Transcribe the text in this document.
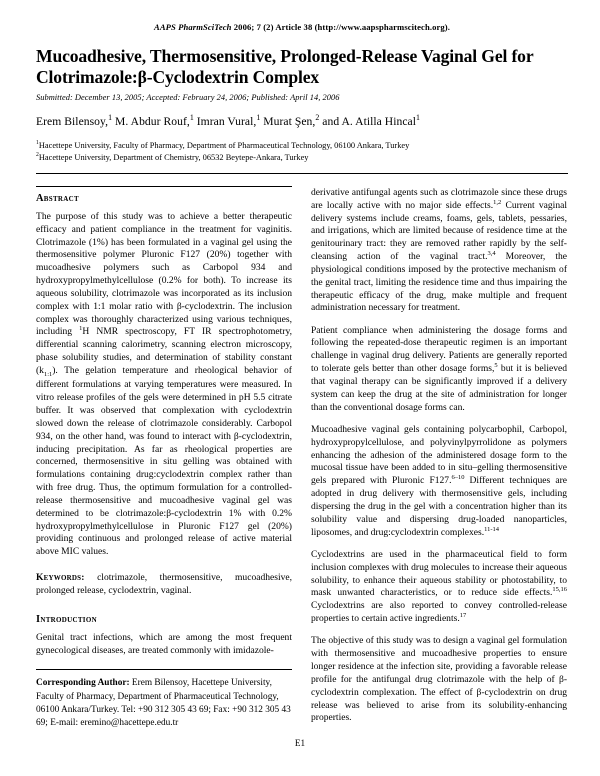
AAPS PharmSciTech 2006; 7 (2) Article 38 (http://www.aapspharmscitech.org).
Mucoadhesive, Thermosensitive, Prolonged-Release Vaginal Gel for Clotrimazole:β-Cyclodextrin Complex
Submitted: December 13, 2005; Accepted: February 24, 2006; Published: April 14, 2006
Erem Bilensoy,$^1$ M. Abdur Rouf,$^1$ Imran Vural,$^1$ Murat Şen,$^2$ and A. Atilla Hincal$^1$
$^1$Hacettepe University, Faculty of Pharmacy, Department of Pharmaceutical Technology, 06100 Ankara, Turkey
$^2$Hacettepe University, Department of Chemistry, 06532 Beytepe-Ankara, Turkey
Abstract

The purpose of this study was to achieve a better therapeutic efficacy and patient compliance in the treatment for vaginitis. Clotrimazole (1%) has been formulated in a vaginal gel using the thermosensitive polymer Pluronic F127 (20%) together with mucoadhesive polymers such as Carbopol 934 and hydroxypropylmethylcellulose (0.2% for both). To increase its aqueous solubility, clotrimazole was incorporated as its inclusion complex with 1:1 molar ratio with β-cyclodextrin. The inclusion complex was thoroughly characterized using various techniques, including $^1$H NMR spectroscopy, FT IR spectrophotometry, differential scanning calorimetry, scanning electron microscopy, phase solubility studies, and determination of stability constant $(k_{1:1})$. The gelation temperature and rheological behavior of different formulations at varying temperatures were measured. In vitro release profiles of the gels were determined in pH 5.5 citrate buffer. It was observed that complexation with cyclodextrin slowed down the release of clotrimazole considerably. Carbopol 934, on the other hand, was found to interact with β-cyclodextrin, inducing precipitation. As far as rheological properties are concerned, thermosensitive in situ gelling was obtained with formulations containing drug:cyclodextrin complex rather than with free drug. Thus, the optimum formulation for a controlled-release thermosensitive and mucoadhesive vaginal gel was determined to be clotrimazole:β-cyclodextrin 1% with 0.2% hydroxypropylmethylcellulose in Pluronic F127 gel (20%) providing continuous and prolonged release of active material above MIC values.

Keywords: clotrimazole, thermosensitive, mucoadhesive, prolonged release, cyclodextrin, vaginal.

Introduction

Genital tract infections, which are among the most frequent gynecological diseases, are treated commonly with imidazole-

Corresponding Author: Erem Bilensoy, Hacettepe University, Faculty of Pharmacy, Department of Pharmaceutical Technology, 06100 Ankara/Turkey. Tel: +90 312 305 43 69; Fax: +90 312 305 43 69; E-mail: eremino@hacettepe.edu.tr

derivative antifungal agents such as clotrimazole since these drugs are locally active with no major side effects.$^{1,2}$ Current vaginal delivery systems include creams, foams, gels, tablets, pessaries, and irrigations, which are limited because of residence time at the genitourinary tract: they are removed rather rapidly by the self-cleansing action of the vaginal tract.$^{3,4}$ Moreover, the physiological conditions imposed by the protective mechanism of the genital tract, limiting the residence time and thus impairing the therapeutic efficacy of the drug, make multiple and frequent administration necessary for treatment.

Patient compliance when administering the dosage forms and following the repeated-dose therapeutic regimen is an important challenge in vaginal drug delivery. Patients are generally reported to tolerate gels better than other dosage forms,$^5$ but it is believed that vaginal therapy can be significantly improved if a delivery system can keep the drug at the site of administration for longer than the conventional dosage forms can.

Mucoadhesive vaginal gels containing polycarbophil, Carbopol, hydroxypropylcellulose, and polyvinylpyrrolidone as polymers enhancing the adhesion of the administered dosage form to the mucosal tissue have been added to in situ–gelling thermosensitive gels prepared with Pluronic F127.$^{6-10}$ Different techniques are adopted in drug delivery with thermosensitive gels, including dispersing the drug in the gel with a concentration higher than its solubility value and dispersing drug-loaded nanoparticles, liposomes, and drug:cyclodextrin complexes.$^{11-14}$

Cyclodextrins are used in the pharmaceutical field to form inclusion complexes with drug molecules to increase their aqueous solubility, to enhance their aqueous stability or photostability, to mask unwanted characteristics, or to reduce side effects.$^{15,16}$ Cyclodextrins are also reported to convey controlled-release properties to certain active ingredients.$^{17}$

The objective of this study was to design a vaginal gel formulation with thermosensitive and mucoadhesive properties to ensure longer residence at the infection site, providing a favorable release profile for the antifungal drug clotrimazole with the help of β-cyclodextrin complexation. The effect of β-cyclodextrin on drug release was believed to arise from its solubility-enhancing properties.

E1
